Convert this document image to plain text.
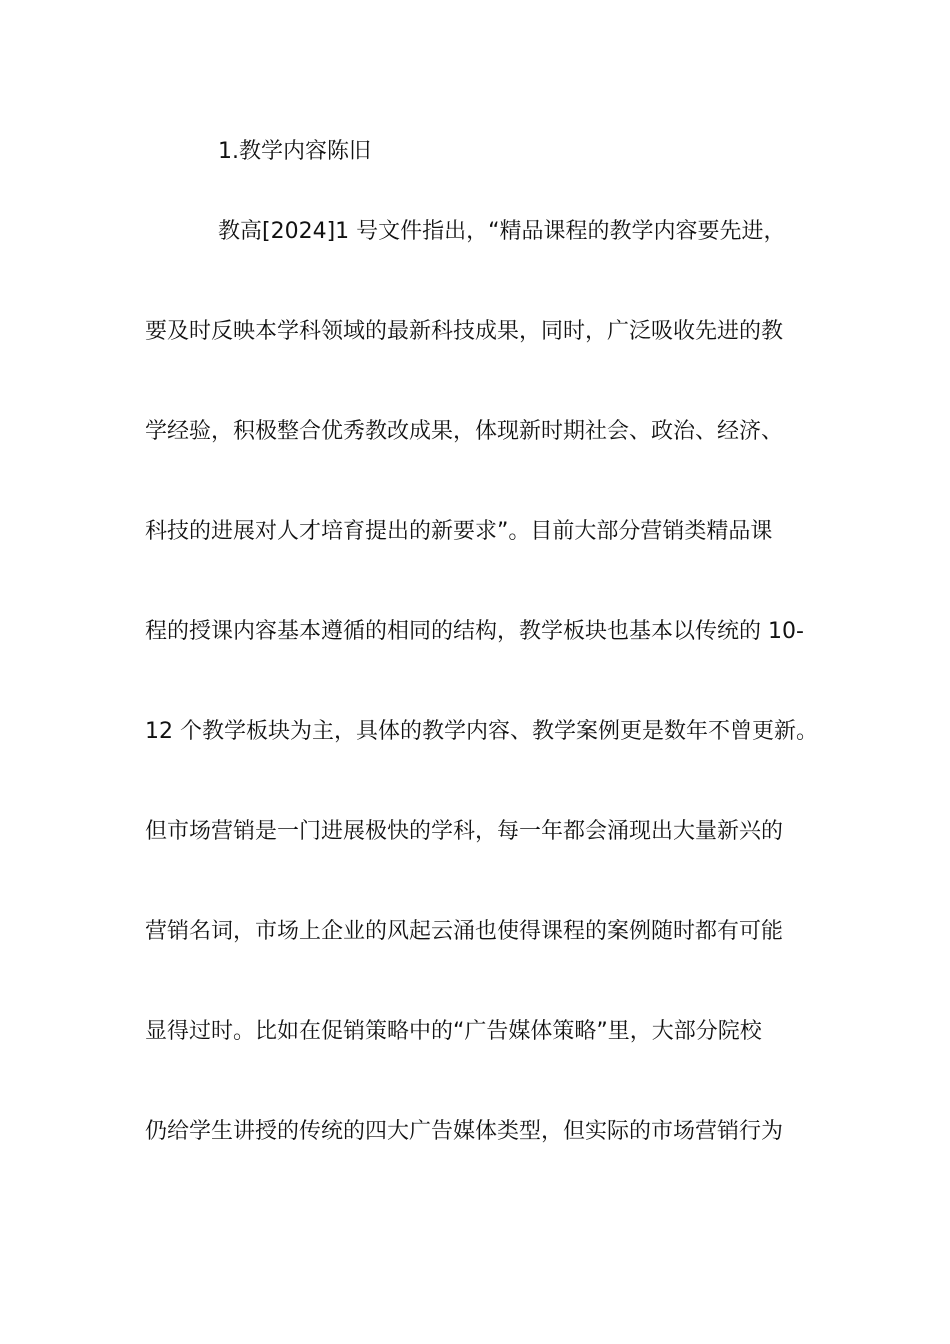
1.教学内容陈旧
教高[2024]1 号文件指出，“精品课程的教学内容要先进，
要及时反映本学科领域的最新科技成果，同时，广泛吸收先进的教
学经验，积极整合优秀教改成果，体现新时期社会、政治、经济、
科技的进展对人才培育提出的新要求”。目前大部分营销类精品课
程的授课内容基本遵循的相同的结构，教学板块也基本以传统的 10-
12 个教学板块为主，具体的教学内容、教学案例更是数年不曾更新。
但市场营销是一门进展极快的学科，每一年都会涌现出大量新兴的
营销名词，市场上企业的风起云涌也使得课程的案例随时都有可能
显得过时。比如在促销策略中的“广告媒体策略”里，大部分院校
仍给学生讲授的传统的四大广告媒体类型，但实际的市场营销行为
